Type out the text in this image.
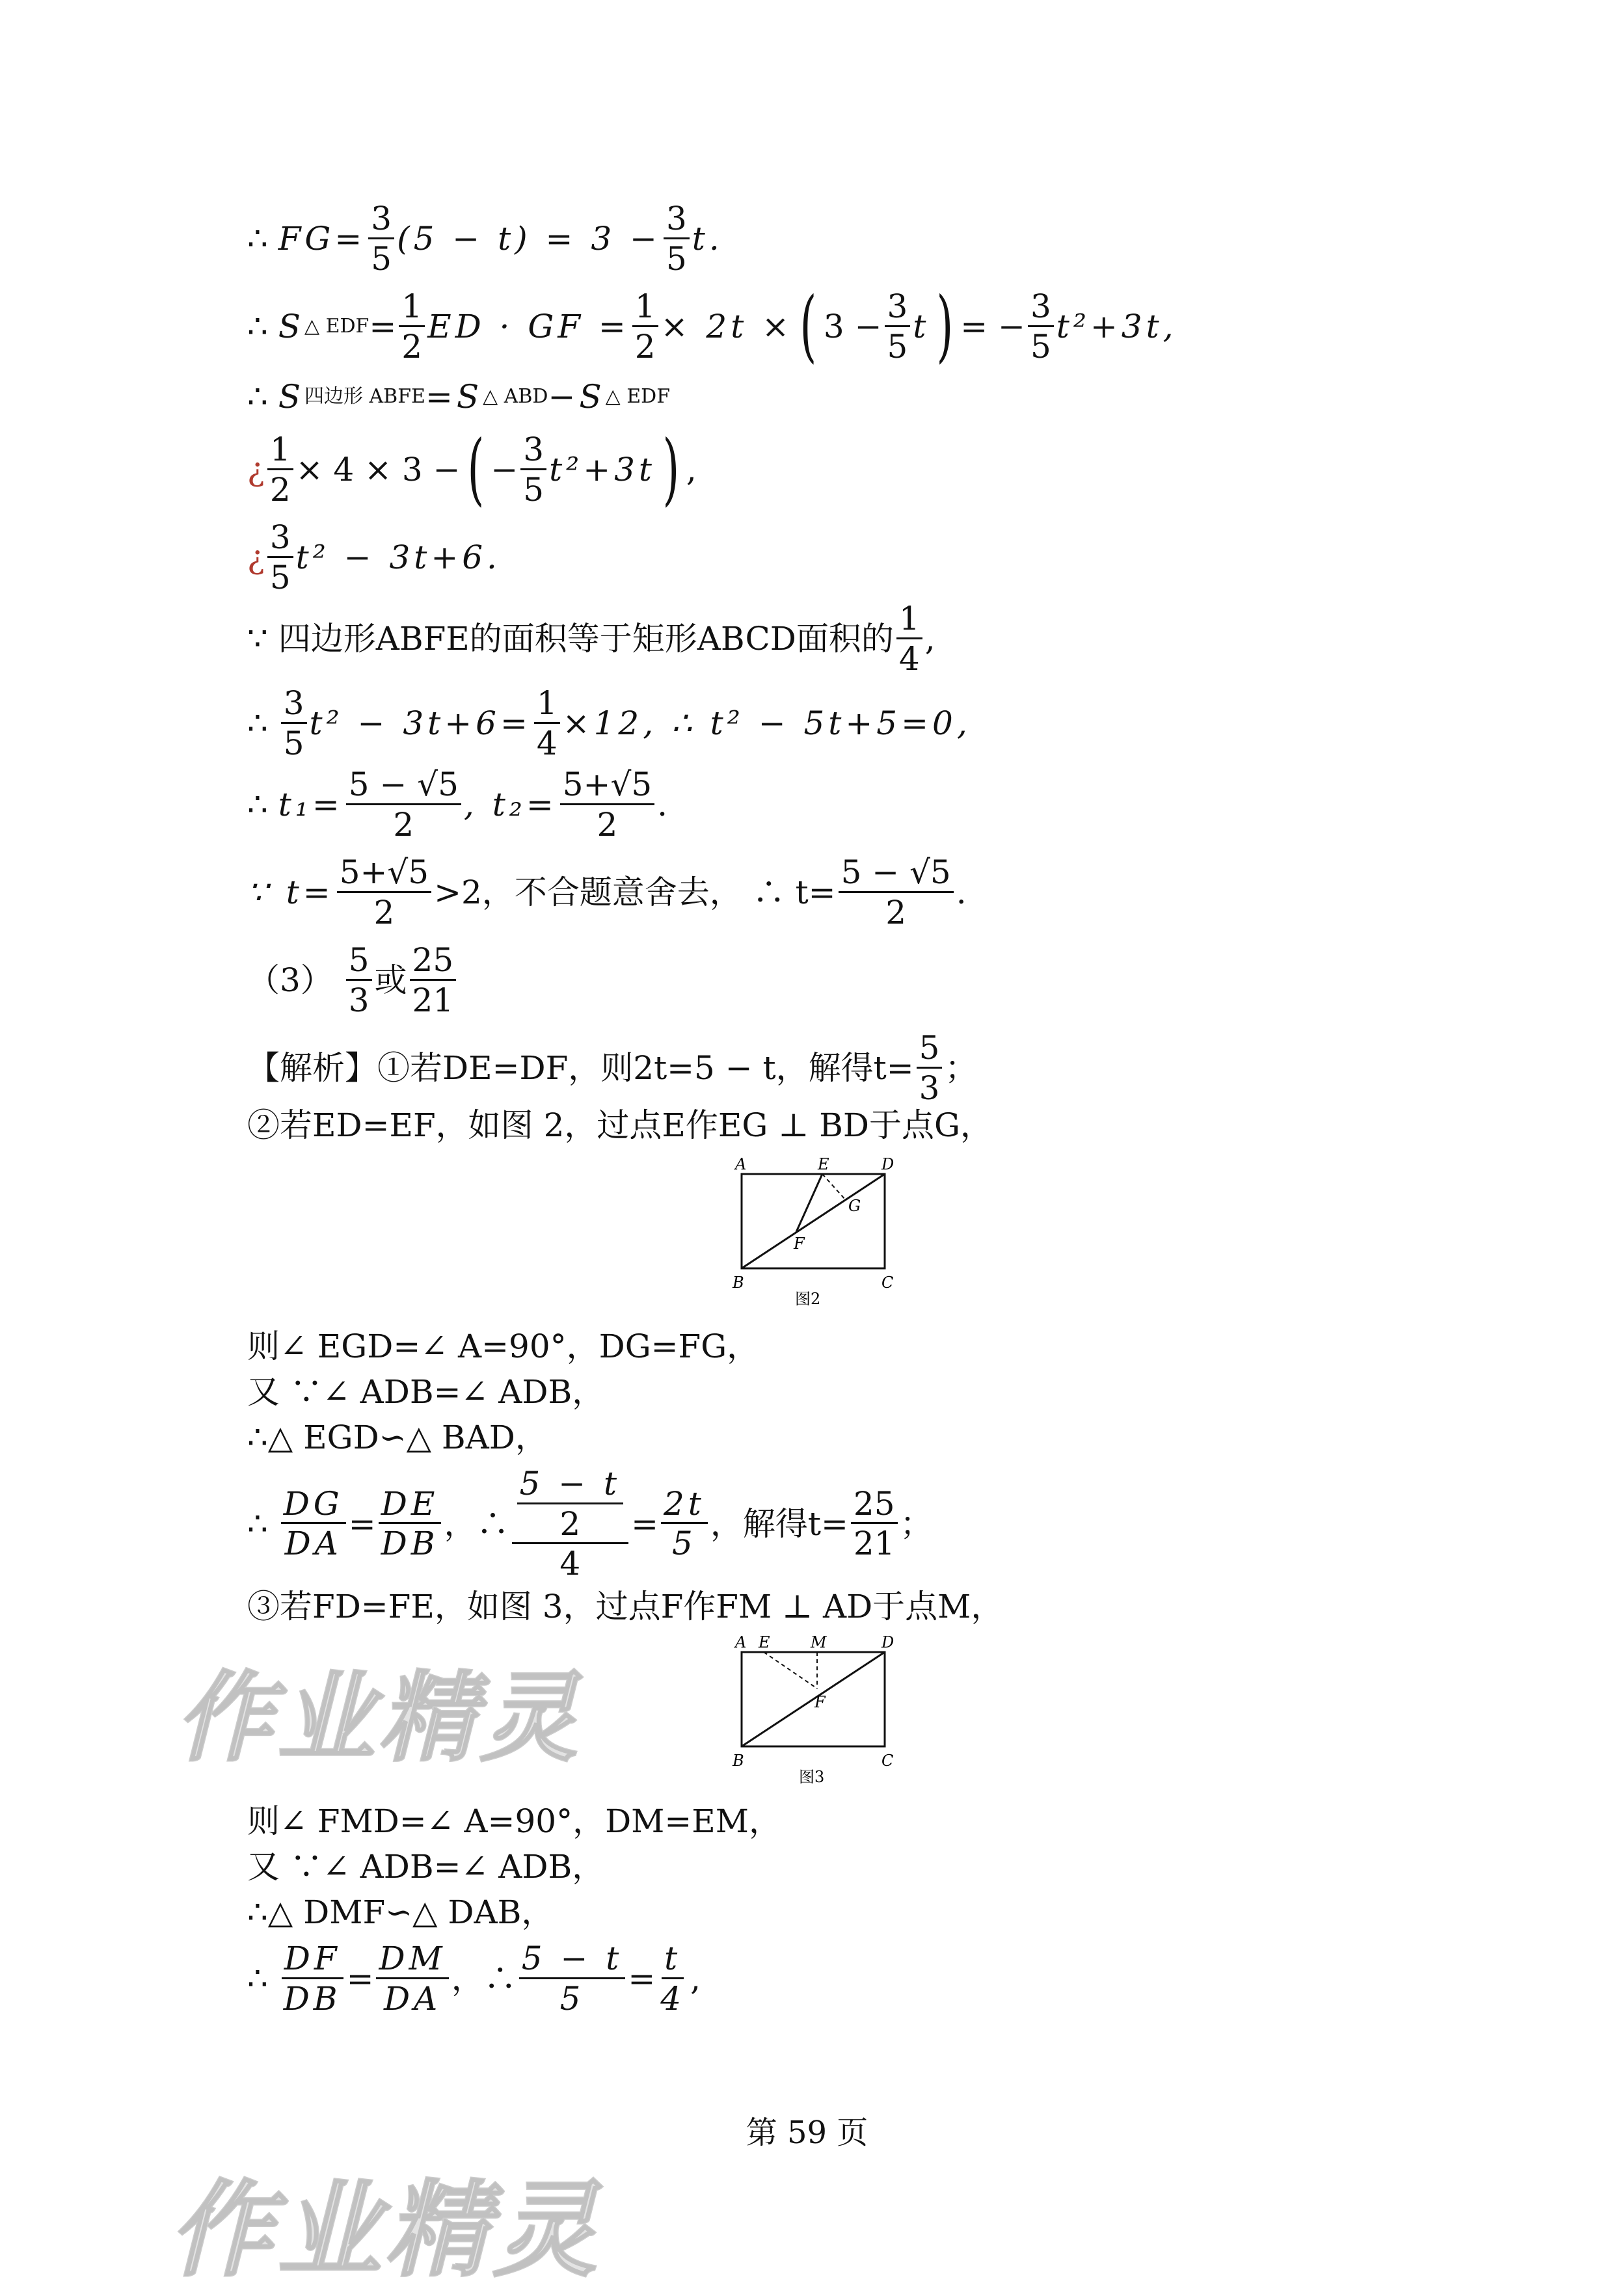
∴
$FG= \frac{3}{5} (5 - t) = 3 - \frac{3}{5} t$.
∴
S △ EDF = $\frac{1}{2}$ ED · GF = $\frac{1}{2} \times 2t$ × ( $3 - \frac{3}{5}$ t ) = − $\frac{3}{5} t^2+3t$,
∴
S 四边形 ABFE =S △ ABD −S △ EDF
¿ $\frac{1}{2} \times 4 \times 3$ − ( − $\frac{3}{5} t^2+3t$ ) ,
¿ $\frac{3}{5} t^2 - 3t+6$.
∵
四边形ABFE的面积等于矩形ABCD面积的 $\frac{1}{4}$ ,
∴
$\frac{3}{5} t^2 - 3t+6= \frac{1}{4} \times 12$, ∴ t² − 5t+5=0,
∴
$t_1= \frac{5 - √5}{2}$ , $t_2= \frac{5+√5}{2}$ .
∵ $t= \frac{5+√5}{2} >2$，不合题意舍去， ∴ $t= \frac{5 - √5}{2}$ .
（3）
$\frac{5}{3}$ 或 $\frac{25}{21}$
【解析】①若DE=DF，则2t=5 − t，解得$t= \frac{5}{3}$ ；
②若ED=EF，如图 2，过点E作EG ⊥ BD于点G，
A	E	D
G
F
B	C
图2
则∠ EGD=∠ A=90°，DG=FG，
又 ∵∠ ADB=∠ ADB，
∴△ EGD∽△ BAD，
∴
$\frac{DG}{DA} = \frac{DE}{DB}$ ，∴ $\frac{\frac{5 - t}{2}}{4} = \frac{2t}{5}$ ，解得$t= \frac{25}{21}$ ；
③若FD=FE，如图 3，过点F作FM ⊥ AD于点M，
A E	M	D
F
B	C
图3
则∠ FMD=∠ A=90°，DM=EM，
又 ∵∠ ADB=∠ ADB，
∴△ DMF∽△ DAB，
∴
$\frac{DF}{DB} = \frac{DM}{DA}$ ，∴ $\frac{5 - t}{5} = \frac{t}{4}$ ,
第 59 页
作业精灵
作业精灵
